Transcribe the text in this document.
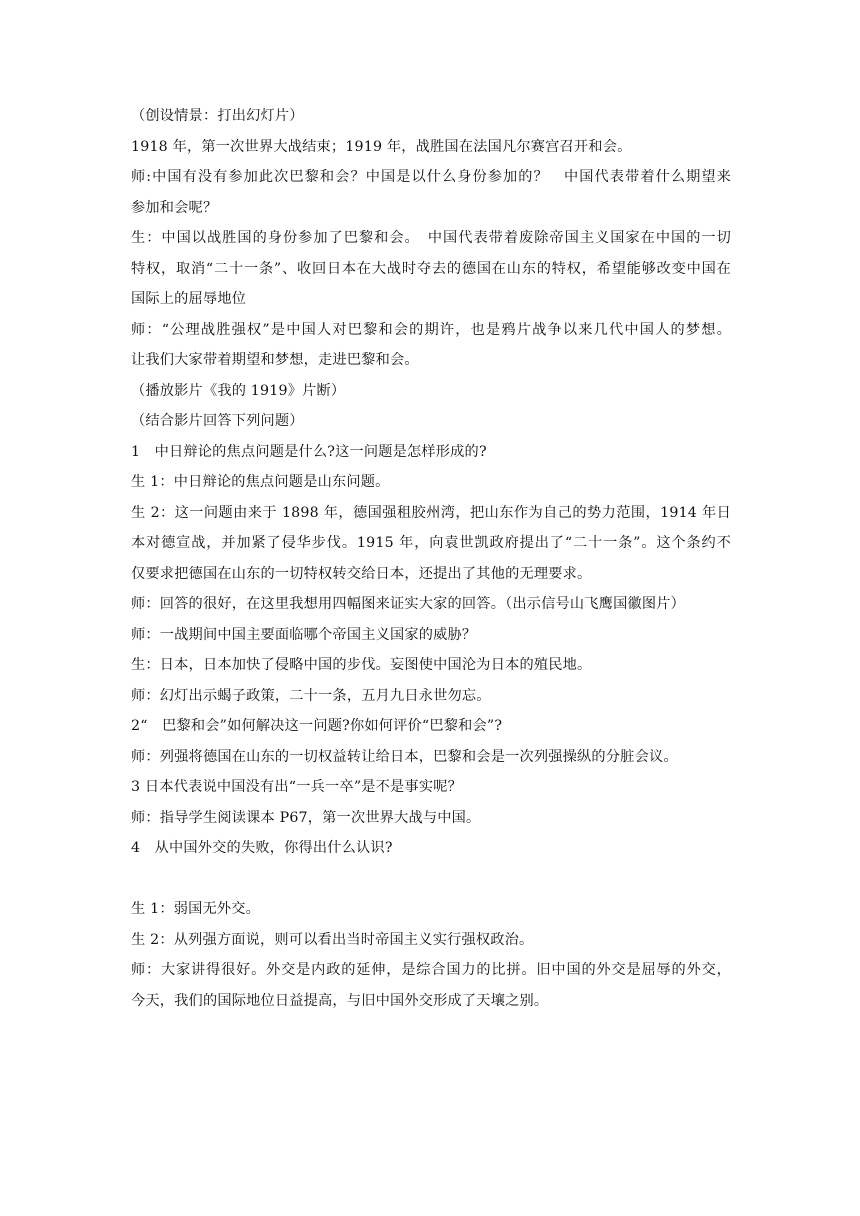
（创设情景：打出幻灯片）
1918 年，第一次世界大战结束；1919 年，战胜国在法国凡尔赛宫召开和会。
师:中国有没有参加此次巴黎和会？中国是以什么身份参加的？　中国代表带着什么期望来
参加和会呢？
生：中国以战胜国的身份参加了巴黎和会。　中国代表带着废除帝国主义国家在中国的一切
特权，取消“二十一条”、收回日本在大战时夺去的德国在山东的特权，希望能够改变中国在
国际上的屈辱地位
师：“公理战胜强权”是中国人对巴黎和会的期许，也是鸦片战争以来几代中国人的梦想。
让我们大家带着期望和梦想，走进巴黎和会。
（播放影片《我的 1919》片断）
（结合影片回答下列问题）
1　中日辩论的焦点问题是什么?这一问题是怎样形成的?
生 1：中日辩论的焦点问题是山东问题。
生 2：这一问题由来于 1898 年，德国强租胶州湾，把山东作为自己的势力范围，1914 年日
本对德宣战，并加紧了侵华步伐。1915 年，向袁世凯政府提出了“二十一条”。这个条约不
仅要求把德国在山东的一切特权转交给日本，还提出了其他的无理要求。
师：回答的很好，在这里我想用四幅图来证实大家的回答。（出示信号山飞鹰国徽图片）
师：一战期间中国主要面临哪个帝国主义国家的威胁？
生：日本，日本加快了侵略中国的步伐。妄图使中国沦为日本的殖民地。
师：幻灯出示蝎子政策，二十一条，五月九日永世勿忘。
2“　巴黎和会”如何解决这一问题?你如何评价“巴黎和会”?
师：列强将德国在山东的一切权益转让给日本，巴黎和会是一次列强操纵的分脏会议。
3 日本代表说中国没有出“一兵一卒”是不是事实呢？
师：指导学生阅读课本 P67，第一次世界大战与中国。
4　从中国外交的失败，你得出什么认识?
生 1：弱国无外交。
生 2：从列强方面说，则可以看出当时帝国主义实行强权政治。
师：大家讲得很好。外交是内政的延伸，是综合国力的比拼。旧中国的外交是屈辱的外交，
今天，我们的国际地位日益提高，与旧中国外交形成了天壤之别。
